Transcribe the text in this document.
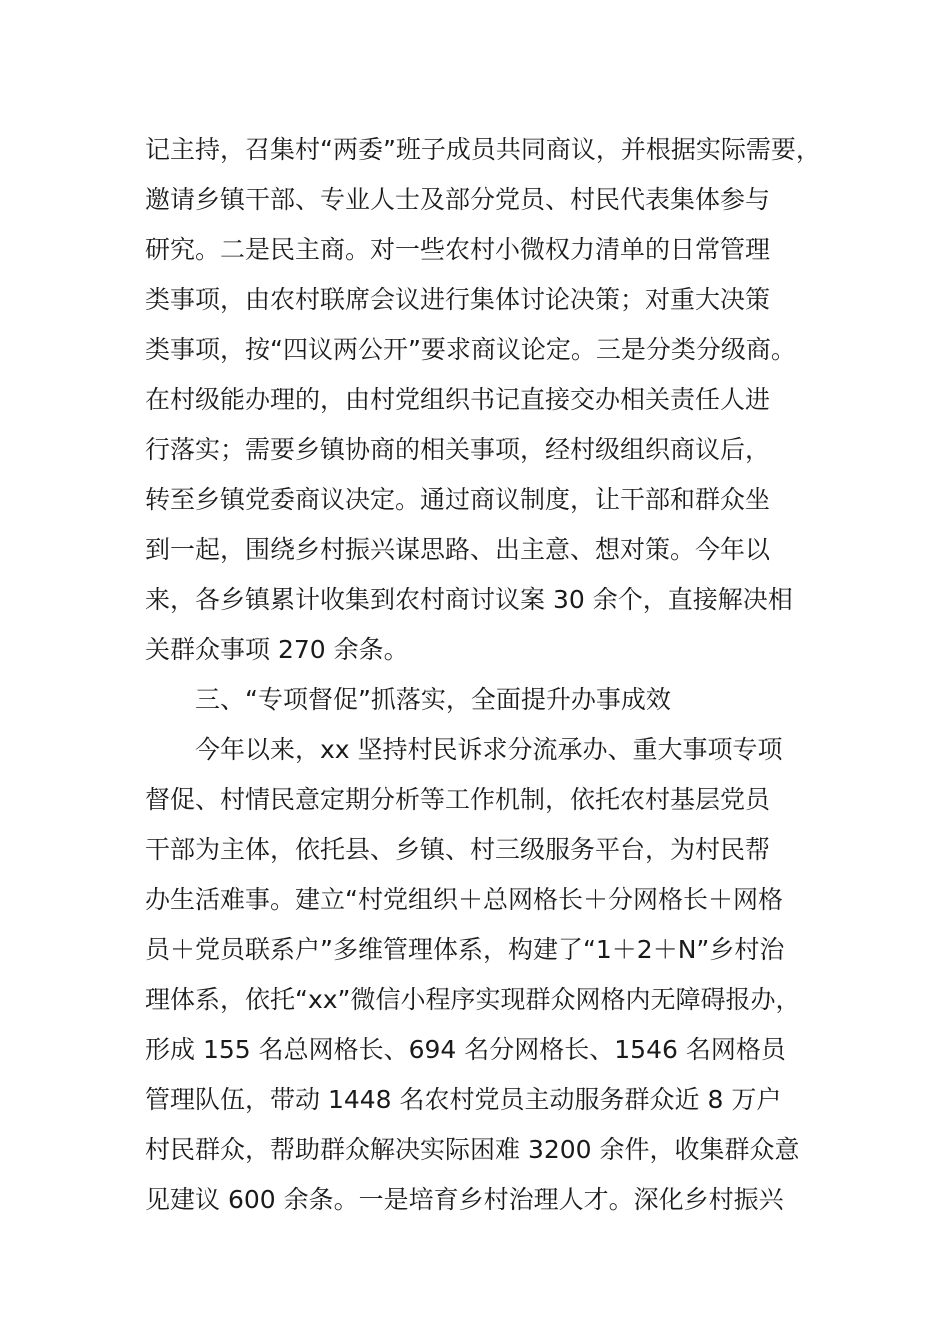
记主持，召集村“两委”班子成员共同商议，并根据实际需要，
邀请乡镇干部、专业人士及部分党员、村民代表集体参与
研究。二是民主商。对一些农村小微权力清单的日常管理
类事项，由农村联席会议进行集体讨论决策；对重大决策
类事项，按“四议两公开”要求商议论定。三是分类分级商。
在村级能办理的，由村党组织书记直接交办相关责任人进
行落实；需要乡镇协商的相关事项，经村级组织商议后，
转至乡镇党委商议决定。通过商议制度，让干部和群众坐
到一起，围绕乡村振兴谋思路、出主意、想对策。今年以
来，各乡镇累计收集到农村商讨议案 30 余个，直接解决相
关群众事项 270 余条。
三、“专项督促”抓落实，全面提升办事成效
今年以来，xx 坚持村民诉求分流承办、重大事项专项
督促、村情民意定期分析等工作机制，依托农村基层党员
干部为主体，依托县、乡镇、村三级服务平台，为村民帮
办生活难事。建立“村党组织＋总网格长＋分网格长＋网格
员＋党员联系户”多维管理体系，构建了“1＋2＋N”乡村治
理体系，依托“xx”微信小程序实现群众网格内无障碍报办，
形成 155 名总网格长、694 名分网格长、1546 名网格员
管理队伍，带动 1448 名农村党员主动服务群众近 8 万户
村民群众，帮助群众解决实际困难 3200 余件，收集群众意
见建议 600 余条。一是培育乡村治理人才。深化乡村振兴
